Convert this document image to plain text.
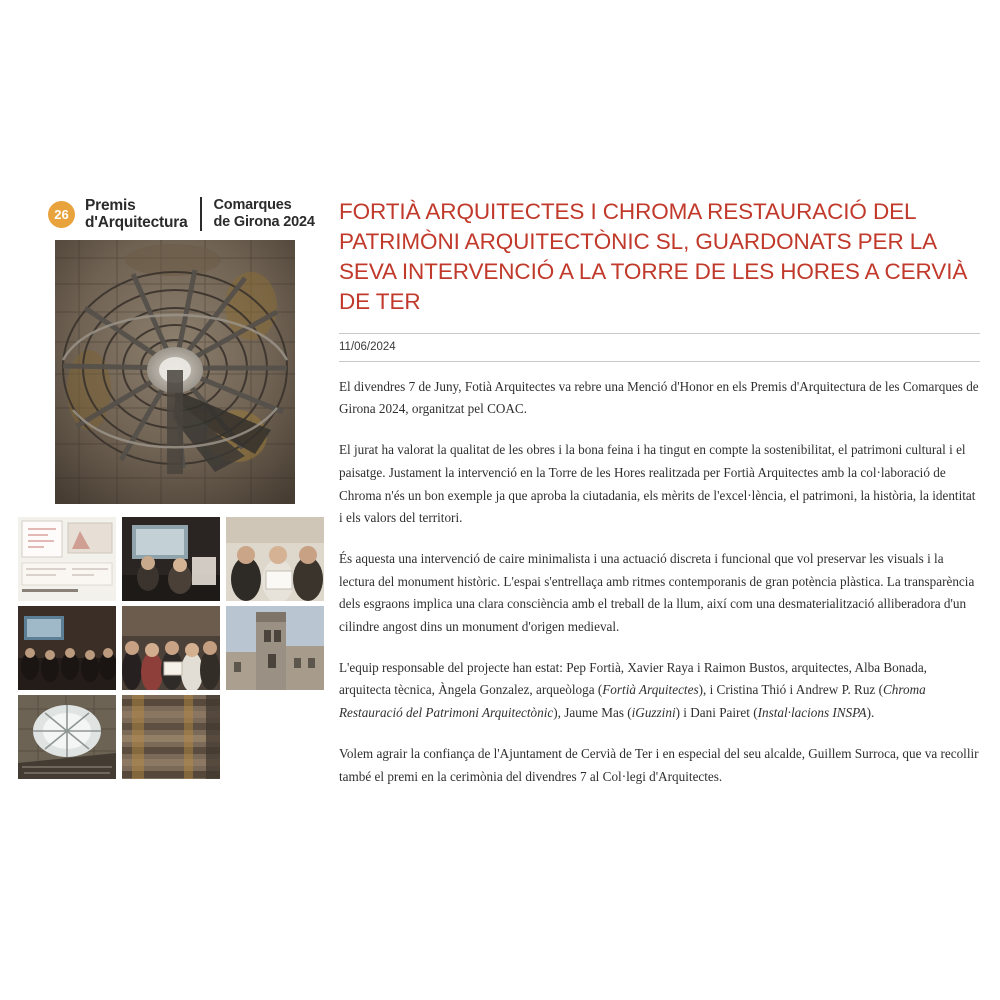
26
Premis
d'Arquitectura
Comarques
de Girona 2024 FORTIÀ ARQUITECTES I CHROMA RESTAURACIÓ DEL PATRIMÒNI ARQUITECTÒNIC SL, GUARDONATS PER LA SEVA INTERVENCIÓ A LA TORRE DE LES HORES A CERVIÀ DE TER
11/06/2024

El divendres 7 de Juny, Fotià Arquitectes va rebre una Menció d'Honor en els Premis d'Arquitectura de les Comarques de Girona 2024, organitzat pel COAC.

El jurat ha valorat la qualitat de les obres i la bona feina i ha tingut en compte la sostenibilitat, el patrimoni cultural i el paisatge. Justament la intervenció en la Torre de les Hores realitzada per Fortià Arquitectes amb la col·laboració de Chroma n'és un bon exemple ja que aproba la ciutadania, els mèrits de l'excel·lència, el patrimoni, la història, la identitat i els valors del territori.

És aquesta una intervenció de caire minimalista i una actuació discreta i funcional que vol preservar les visuals i la lectura del monument històric. L'espai s'entrellaça amb ritmes contemporanis de gran potència plàstica. La transparència dels esgraons implica una clara consciència amb el treball de la llum, així com una desmaterialització alliberadora d'un cilindre angost dins un monument d'origen medieval.

L'equip responsable del projecte han estat: Pep Fortià, Xavier Raya i Raimon Bustos, arquitectes, Alba Bonada, arquitecta tècnica, Àngela Gonzalez, arqueòloga (Fortià Arquitectes), i Cristina Thió i Andrew P. Ruz (Chroma Restauració del Patrimoni Arquitectònic), Jaume Mas (iGuzzini) i Dani Pairet (Instal·lacions INSPA).

Volem agrair la confiança de l'Ajuntament de Cervià de Ter i en especial del seu alcalde, Guillem Surroca, que va recollir també el premi en la cerimònia del divendres 7 al Col·legi d'Arquitectes.
